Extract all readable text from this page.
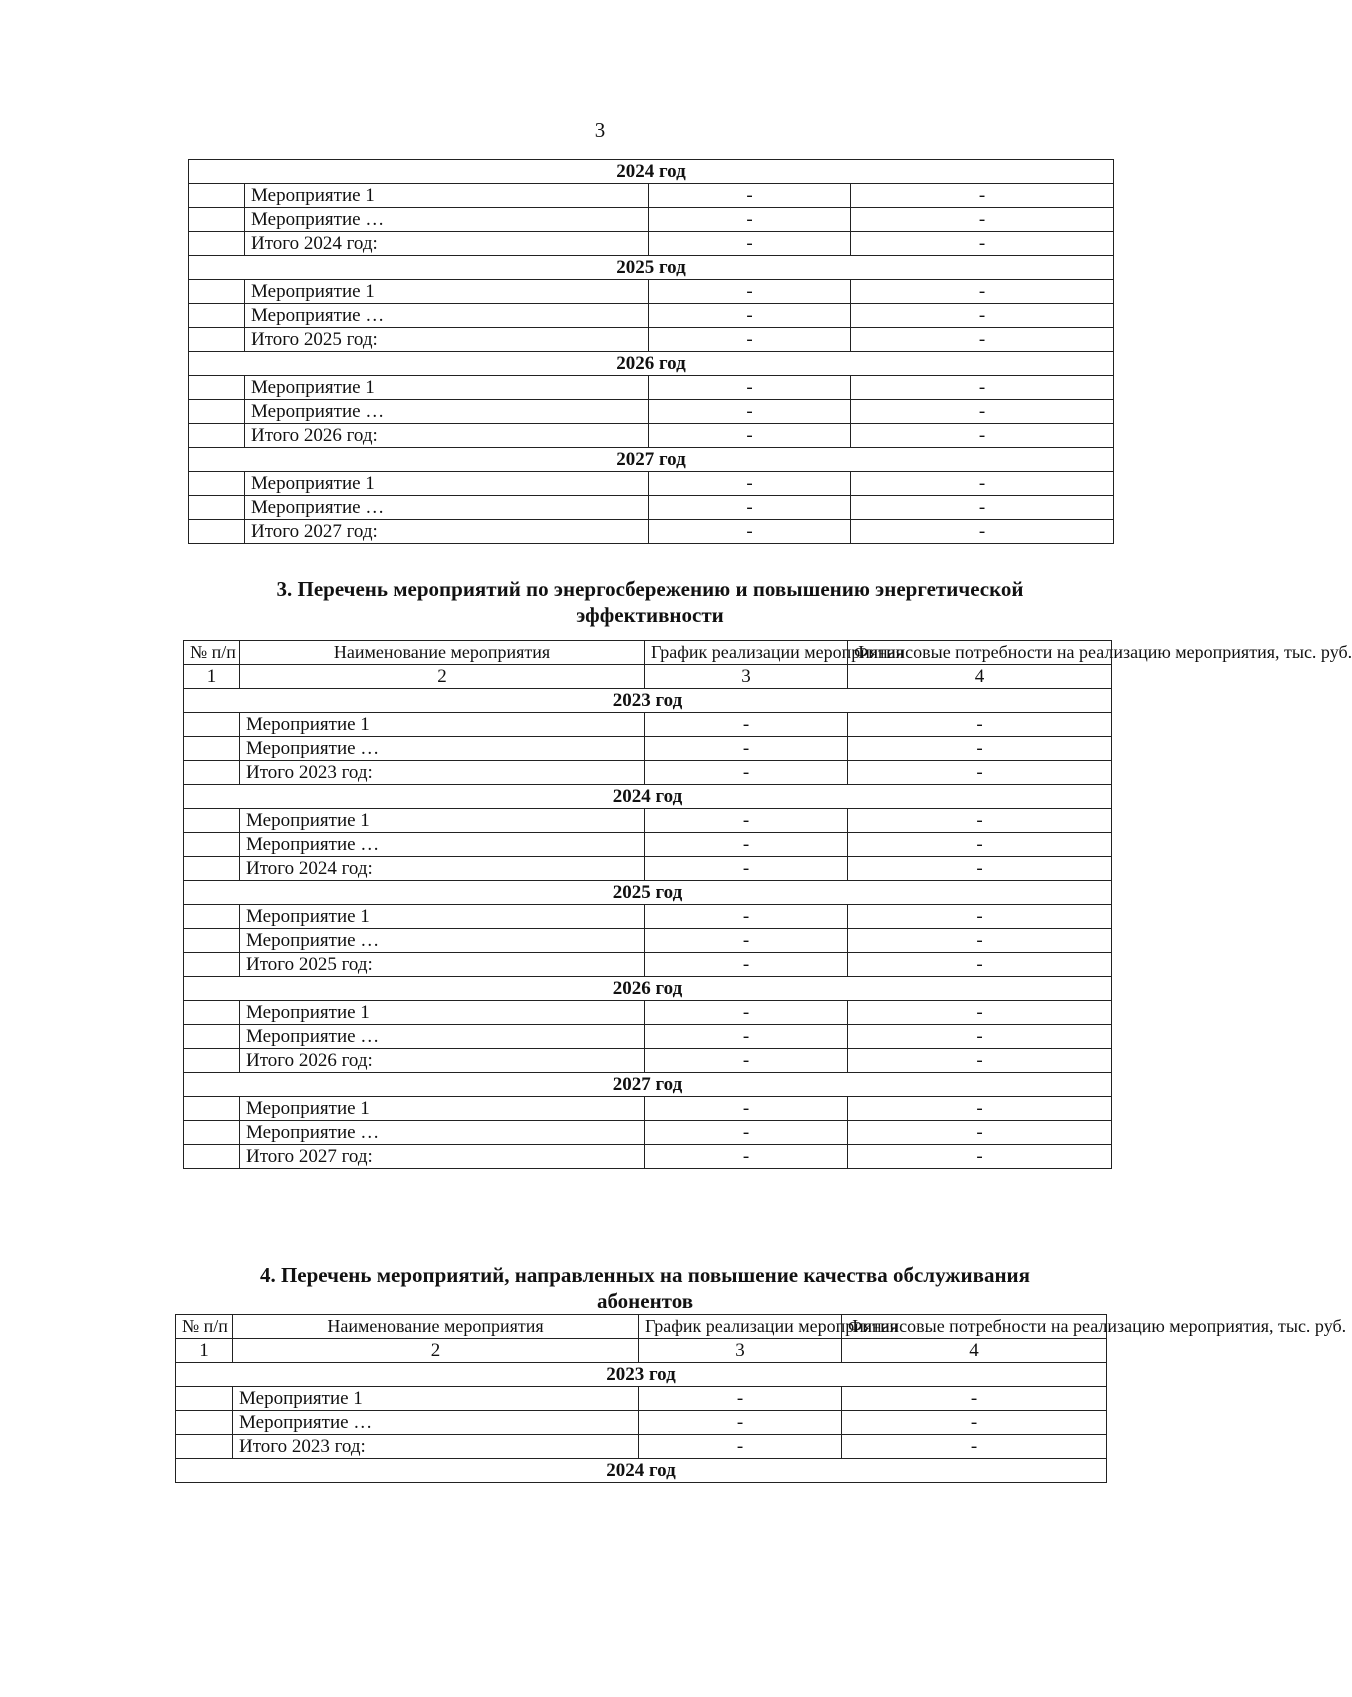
3
2024 год			
	Мероприятие 1	-	-
	Мероприятие …	-	-
	Итого 2024 год:	-	-
2025 год			
	Мероприятие 1	-	-
	Мероприятие …	-	-
	Итого 2025 год:	-	-
2026 год			
	Мероприятие 1	-	-
	Мероприятие …	-	-
	Итого 2026 год:	-	-
2027 год			
	Мероприятие 1	-	-
	Мероприятие …	-	-
	Итого 2027 год:	-	-
3. Перечень мероприятий по энергосбережению и повышению энергетической
эффективности
№ п/п	Наименование мероприятия	График реализации мероприятия	Финансовые потребности на реализацию мероприятия, тыс. руб.
1	2	3	4
2023 год			
	Мероприятие 1	-	-
	Мероприятие …	-	-
	Итого 2023 год:	-	-
2024 год			
	Мероприятие 1	-	-
	Мероприятие …	-	-
	Итого 2024 год:	-	-
2025 год			
	Мероприятие 1	-	-
	Мероприятие …	-	-
	Итого 2025 год:	-	-
2026 год			
	Мероприятие 1	-	-
	Мероприятие …	-	-
	Итого 2026 год:	-	-
2027 год			
	Мероприятие 1	-	-
	Мероприятие …	-	-
	Итого 2027 год:	-	-
4. Перечень мероприятий, направленных на повышение качества обслуживания
абонентов
№ п/п	Наименование мероприятия	График реализации мероприятия	Финансовые потребности на реализацию мероприятия, тыс. руб.
1	2	3	4
2023 год			
	Мероприятие 1	-	-
	Мероприятие …	-	-
	Итого 2023 год:	-	-
2024 год			
